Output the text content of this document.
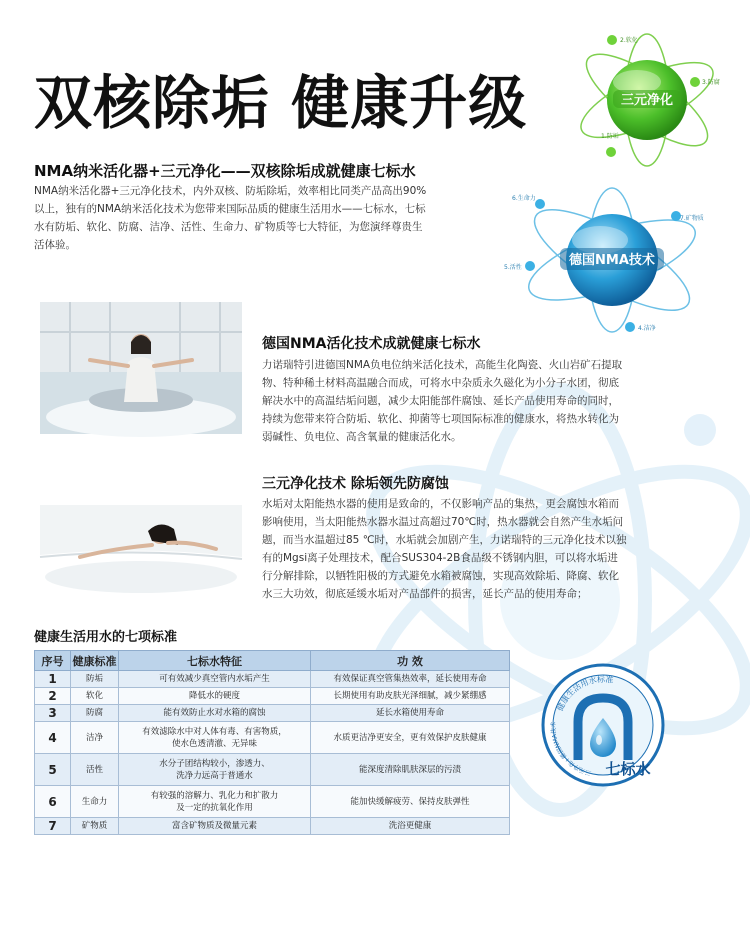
双核除垢 健康升级	三元净化
2.软化
3.防腐
1.防垢
德国NMA技术
6.生命力
7.矿物质
5.活性
4.洁净
NMA纳米活化器+三元净化——双核除垢成就健康七标水
NMA纳米活化器+三元净化技术，内外双核、防垢除垢，效率相比同类产品高出90%
以上，独有的NMA纳米活化技术为您带来国际品质的健康生活用水——七标水，七标
水有防垢、软化、防腐、洁净、活性、生命力、矿物质等七大特征，为您演绎尊贵生
活体验。
德国NMA活化技术成就健康七标水
力诺瑞特引进德国NMA负电位纳米活化技术，高能生化陶瓷、火山岩矿石提取
物、特种稀土材料高温融合而成，可将水中杂质永久磁化为小分子水团，彻底
解决水中的高温结垢问题，减少太阳能部件腐蚀、延长产品使用寿命的同时，
持续为您带来符合防垢、软化、抑菌等七项国际标准的健康水，将热水转化为
弱碱性、负电位、高含氧量的健康活化水。
三元净化技术 除垢领先防腐蚀
水垢对太阳能热水器的使用是致命的，不仅影响产品的集热，更会腐蚀水箱而
影响使用，当太阳能热水器水温过高超过70℃时，热水器就会自然产生水垢问
题，而当水温超过85 ℃时，水垢就会加剧产生，力诺瑞特的三元净化技术以独
有的Mgsi离子处理技术，配合SUS304-2B食品级不锈钢内胆，可以将水垢进
行分解排除，以牺牲阳极的方式避免水箱被腐蚀，实现高效除垢、降腐、软化
水三大功效，彻底延缓水垢对产品部件的损害，延长产品的使用寿命；
健康生活用水的七项标准
序号	健康标准	七标水特征	功 效
1	防垢	可有效减少真空管内水垢产生	有效保证真空管集热效率，延长使用寿命
2	软化	降低水的硬度	长期使用有助皮肤光泽细腻，减少紧绷感
3	防腐	能有效防止水对水箱的腐蚀	延长水箱使用寿命
4	洁净	有效滤除水中对人体有毒、有害物质，
使水色透清澈、无异味	水质更洁净更安全，更有效保护皮肤健康
5	活性	水分子团结构较小，渗透力、
洗净力远高于普通水	能深度清除肌肤深层的污渍
6	生命力	有较强的溶解力、乳化力和扩散力
及一定的抗氧化作用	能加快缓解疲劳、保持皮肤弹性
7	矿物质	富含矿物质及微量元素	洗浴更健康
健康生活用水标准
三元净化+德国NMA技术
七标水
